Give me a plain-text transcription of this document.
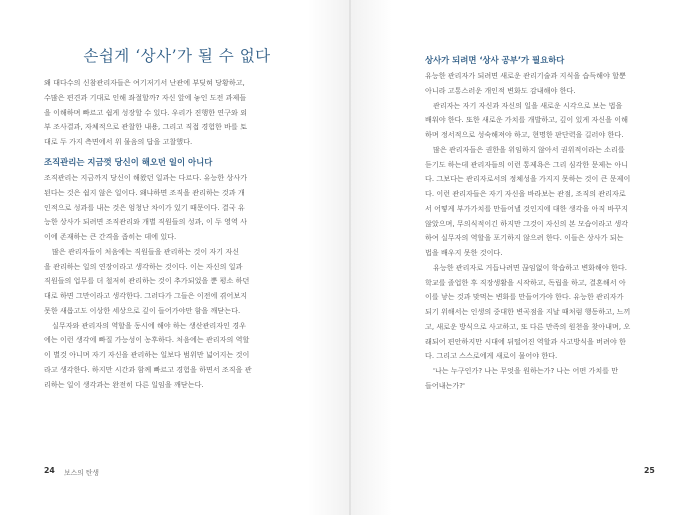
손쉽게 ‘상사’가 될 수 없다
왜 대다수의 신참관리자들은 여기저기서 난관에 부딪혀 당황하고,
수많은 편견과 기대로 인해 좌절할까? 자신 앞에 놓인 도전 과제들
을 이해하며 빠르고 쉽게 성장할 수 있다. 우리가 진행한 연구와 외
부 조사결과, 자체적으로 관찰한 내용, 그리고 직접 경험한 바를 토
대로 두 가지 측면에서 위 물음의 답을 고찰했다.
조직관리는 지금껏 당신이 해오던 일이 아니다
조직관리는 지금까지 당신이 해왔던 일과는 다르다. 유능한 상사가
된다는 것은 쉽지 않은 일이다. 왜냐하면 조직을 관리하는 것과 개
인적으로 성과를 내는 것은 엄청난 차이가 있기 때문이다. 결국 유
능한 상사가 되려면 조직관리와 개별 직원들의 성과, 이 두 영역 사
이에 존재하는 큰 간격을 좁히는 데에 있다.
많은 관리자들이 처음에는 직원들을 관리하는 것이 자기 자신
을 관리하는 일의 연장이라고 생각하는 것이다. 이는 자신의 일과
직원들의 업무를 더 철저히 관리하는 것이 추가되었을 뿐 평소 하던
대로 하면 그만이라고 생각한다. 그러다가 그들은 이전에 겪어보지
못한 새롭고도 이상한 세상으로 깊이 들어가야만 함을 깨닫는다.
실무자와 관리자의 역할을 동시에 해야 하는 생산관리자인 경우
에는 이런 생각에 빠질 가능성이 농후하다. 처음에는 관리자의 역할
이 별것 아니며 자기 자신을 관리하는 일보다 범위만 넓어지는 것이
라고 생각한다. 하지만 시간과 함께 빠르고 경험을 하면서 조직을 관
리하는 일이 생각과는 완전히 다른 일임을 깨닫는다.
상사가 되려면 ‘상사 공부’가 필요하다
유능한 관리자가 되려면 새로운 관리기술과 지식을 습득해야 할뿐
아니라 고통스러운 개인적 변화도 감내해야 한다.
관리자는 자기 자신과 자신의 일을 새로운 시각으로 보는 법을
배워야 한다. 또한 새로운 가치를 개발하고, 깊이 있게 자신을 이해
하며 정서적으로 성숙해져야 하고, 현명한 판단력을 길러야 한다.
많은 관리자들은 권한을 위임하지 않아서 권위적이라는 소리를
듣기도 하는데 관리자들의 이런 통제욕은 그리 심각한 문제는 아니
다. 그보다는 관리자로서의 정체성을 가지지 못하는 것이 큰 문제이
다. 이런 관리자들은 자기 자신을 바라보는 관점, 조직의 관리자로
서 어떻게 부가가치를 만들어낼 것인지에 대한 생각을 아직 바꾸지
않았으며, 무의식적이긴 하지만 그것이 자신의 본 모습이라고 생각
하여 실무자의 역할을 포기하지 않으려 한다. 이들은 상사가 되는
법을 배우지 못한 것이다.
유능한 관리자로 거듭나려면 끊임없이 학습하고 변화해야 한다.
학교를 졸업한 후 직장생활을 시작하고, 독립을 하고, 결혼해서 아
이를 낳는 것과 맞먹는 변화를 만들어가야 한다. 유능한 관리자가
되기 위해서는 인생의 중대한 변곡점을 지날 때처럼 행동하고, 느끼
고, 새로운 방식으로 사고하고, 또 다른 만족의 원천을 찾아내며, 오
래되어 편안하지만 시대에 뒤떨어진 역할과 사고방식을 버려야 한
다. 그리고 스스로에게 새로이 물어야 한다.
'나는 누구인가? 나는 무엇을 원하는가? 나는 어떤 가치를 만
들어내는가?'
24 보스의 탄생	25
